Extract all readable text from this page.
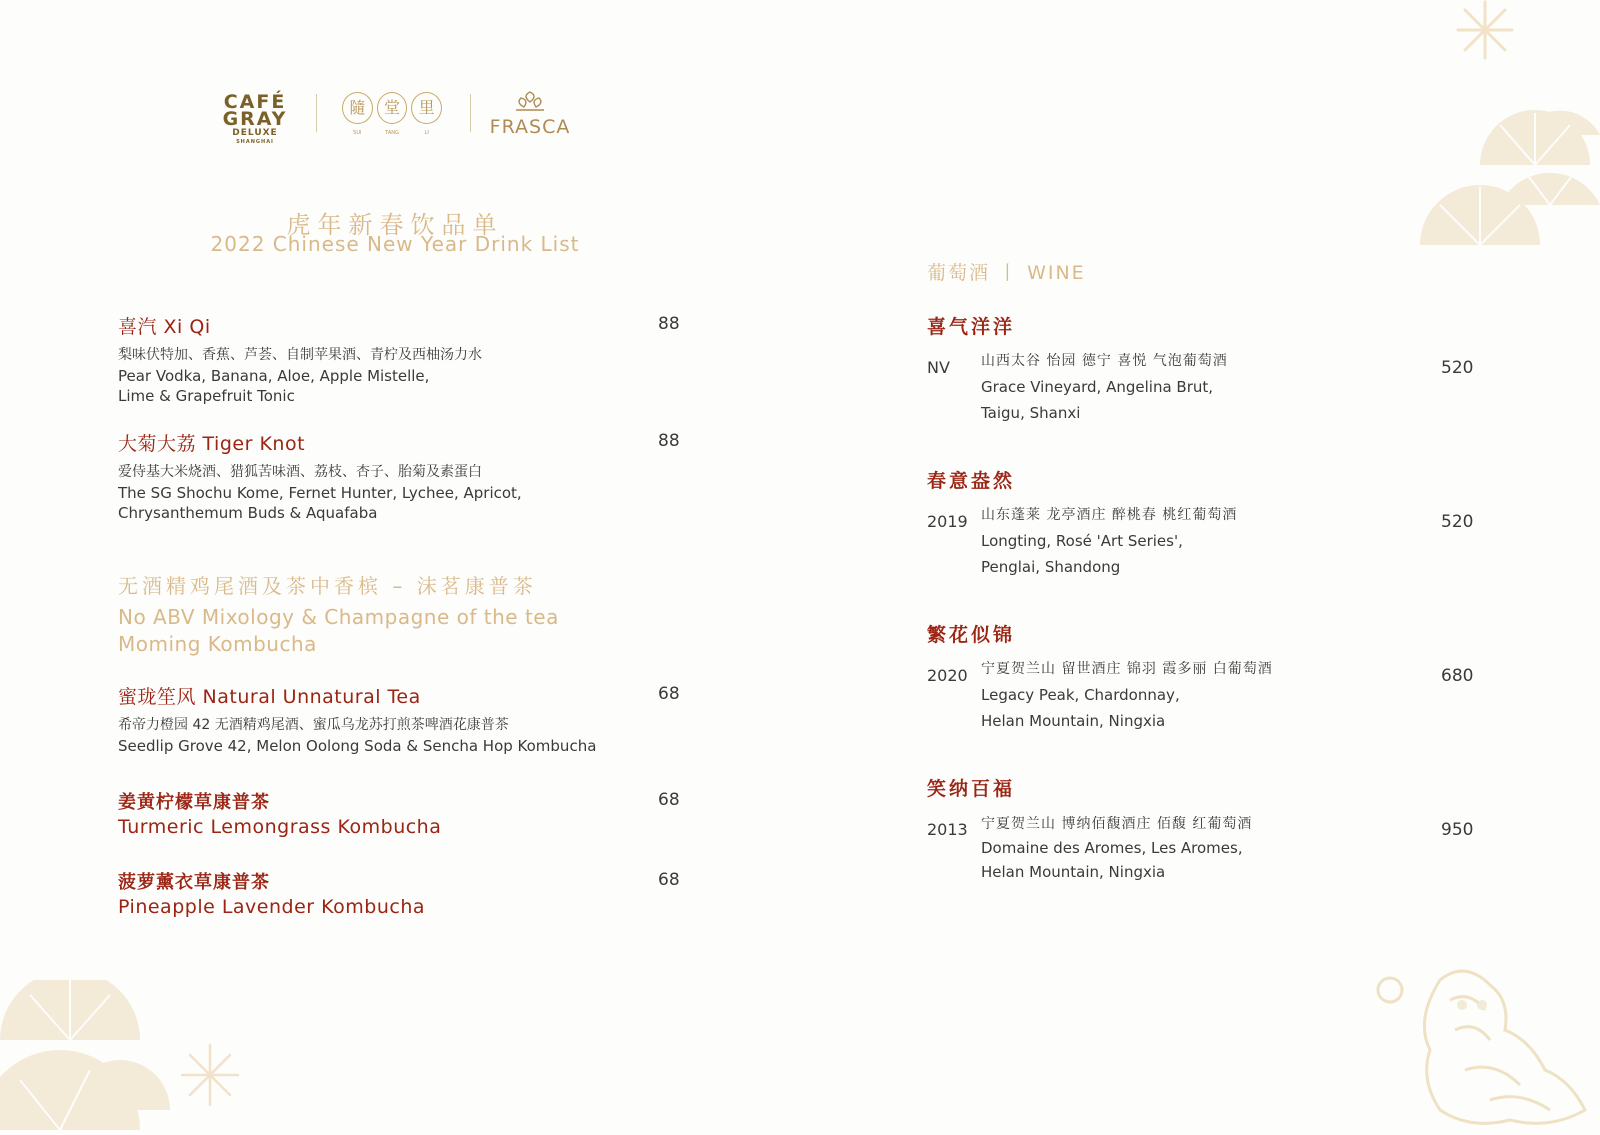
CAFÉ
GRAY
DELUXE
SHANGHAI
隨	堂	里
SUI	TANG	LI	FRASCA
虎年新春饮品单
2022 Chinese New Year Drink List
喜汽 Xi Qi	88
梨味伏特加、香蕉、芦荟、自制苹果酒、青柠及西柚汤力水
Pear Vodka, Banana, Aloe, Apple Mistelle,
Lime & Grapefruit Tonic
大菊大荔 Tiger Knot	88
爱侍基大米烧酒、猎狐苦味酒、荔枝、杏子、胎菊及素蛋白
The SG Shochu Kome, Fernet Hunter, Lychee, Apricot,
Chrysanthemum Buds & Aquafaba
无酒精鸡尾酒及茶中香槟 – 沫茗康普茶
No ABV Mixology & Champagne of the tea
Moming Kombucha
蜜珑笙风 Natural Unnatural Tea	68
希帝力橙园 42 无酒精鸡尾酒、蜜瓜乌龙苏打煎茶啤酒花康普茶
Seedlip Grove 42, Melon Oolong Soda & Sencha Hop Kombucha
姜黄柠檬草康普茶
Turmeric Lemongrass Kombucha
68
菠萝薰衣草康普茶
Pineapple Lavender Kombucha
68
葡萄酒 丨 WINE
喜气洋洋
NV	520
山西太谷 怡园 德宁 喜悦 气泡葡萄酒
Grace Vineyard, Angelina Brut,
Taigu, Shanxi
春意盎然
2019	520
山东蓬莱 龙亭酒庄 醉桃春 桃红葡萄酒
Longting, Rosé 'Art Series',
Penglai, Shandong
繁花似锦
2020	680
宁夏贺兰山 留世酒庄 锦羽 霞多丽 白葡萄酒
Legacy Peak, Chardonnay,
Helan Mountain, Ningxia
笑纳百福
2013	950
宁夏贺兰山 博纳佰馥酒庄 佰馥 红葡萄酒
Domaine des Aromes, Les Aromes,
Helan Mountain, Ningxia
